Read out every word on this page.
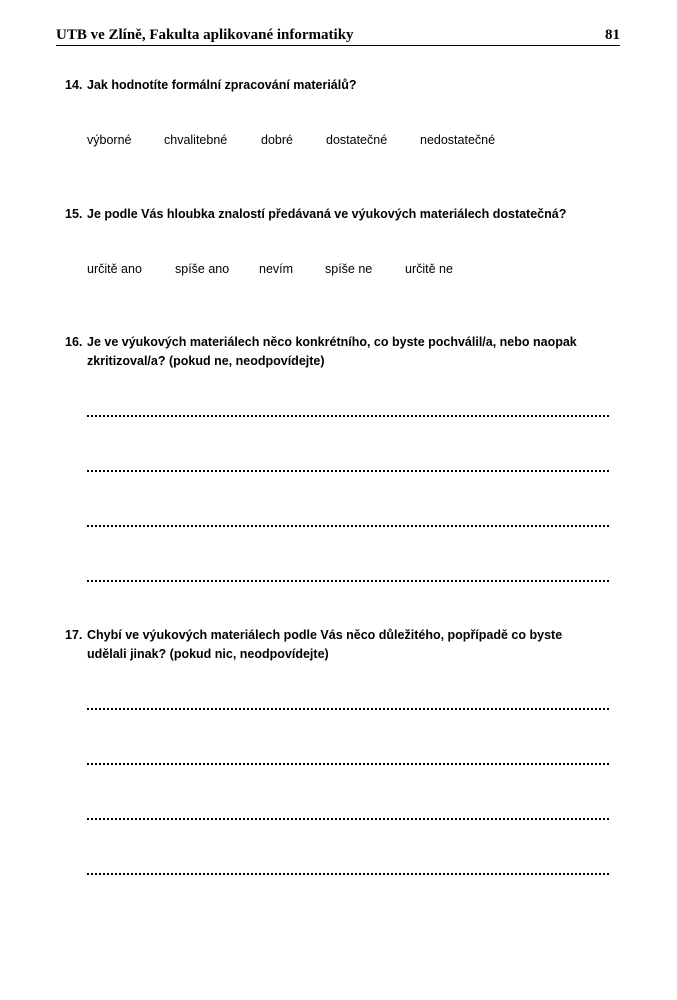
UTB ve Zlíně, Fakulta aplikované informatiky	81
14. Jak hodnotíte formální zpracování materiálů?
výborné	chvalitebné	dobré	dostatečné	nedostatečné
15. Je podle Vás hloubka znalostí předávaná ve výukových materiálech dostatečná?
určitě ano	spíše ano nevím	spíše ne	určitě ne
16. Je ve výukových materiálech něco konkrétního, co byste pochválil/a, nebo naopak zkritizoval/a? (pokud ne, neodpovídejte)
17. Chybí ve výukových materiálech podle Vás něco důležitého, popřípadě co byste udělali jinak? (pokud nic, neodpovídejte)
